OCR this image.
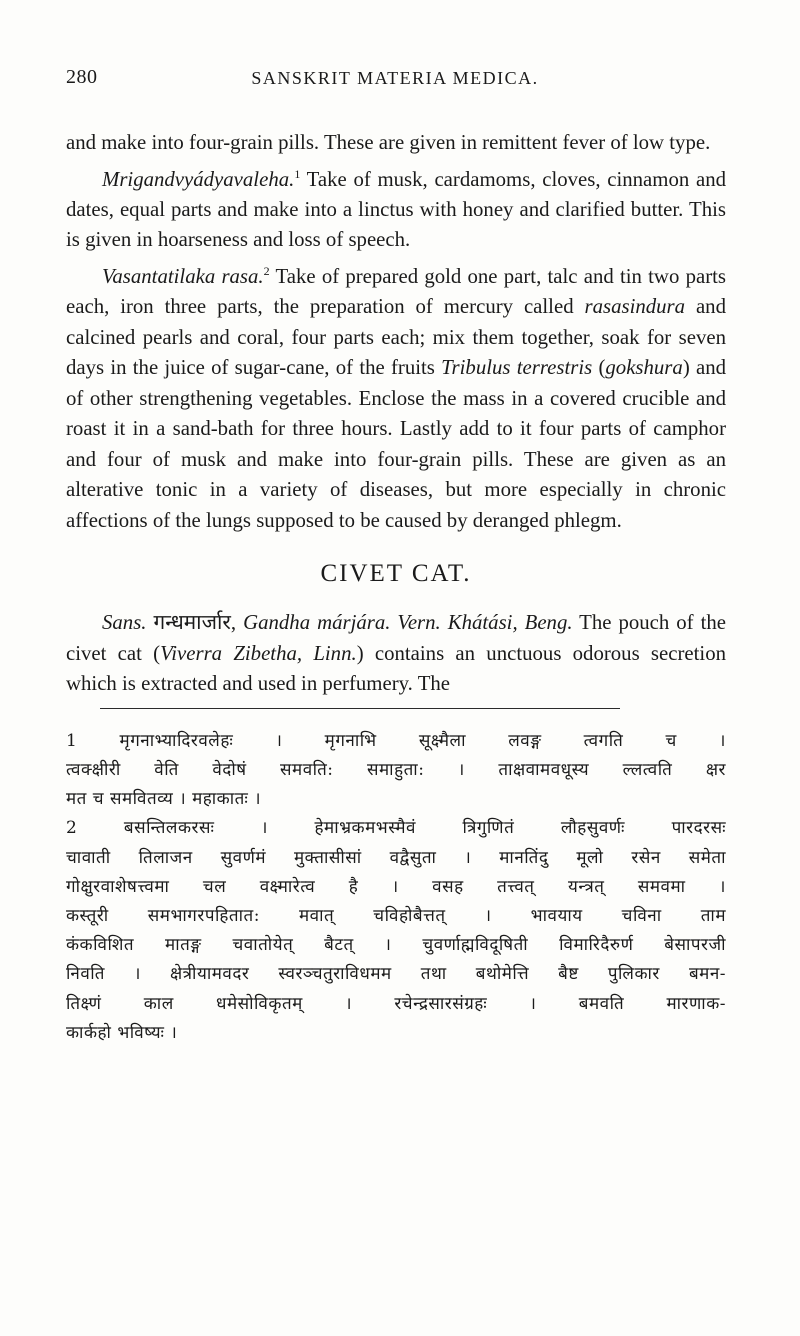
280	SANSKRIT MATERIA MEDICA.

and make into four-grain pills. These are given in remittent fever of low type.

Mrigandvyádyavaleha.$^1$ Take of musk, cardamoms, cloves, cinnamon and dates, equal parts and make into a linctus with honey and clarified butter. This is given in hoarseness and loss of speech.

Vasantatilaka rasa.$^2$ Take of prepared gold one part, talc and tin two parts each, iron three parts, the preparation of mercury called rasasindura and calcined pearls and coral, four parts each; mix them together, soak for seven days in the juice of sugar-cane, of the fruits Tribulus terrestris (gokshura) and of other strengthening vegetables. Enclose the mass in a covered crucible and roast it in a sand-bath for three hours. Lastly add to it four parts of camphor and four of musk and make into four-grain pills. These are given as an alterative tonic in a variety of diseases, but more especially in chronic affections of the lungs supposed to be caused by deranged phlegm.

CIVET CAT.

Sans. गन्धमार्जार, Gandha márjára. Vern. Khátási, Beng. The pouch of the civet cat (Viverra Zibetha, Linn.) contains an unctuous odorous secretion which is extracted and used in perfumery. The

1 मृगनाभ्यादिरवलेहः । मृगनाभि सूक्ष्मैला लवङ्ग त्वगति च ।
त्वक्क्षीरी वेति वेदोषं समवति: समाहुता: । ताक्षवामवधूस्य ल्लत्वति क्षर
मत च समवितव्य । महाकातः ।
2 बसन्तिलकरसः । हेमाभ्रकमभस्मैवं त्रिगुणितं लौहसुवर्णः पारदरसः
चावाती तिलाजन सुवर्णमं मुक्तासीसां वद्वैसुता । मानतिंदु मूलो रसेन समेता
गोक्षुरवाशेषत्त्वमा चल वक्ष्मारेत्व है । वसह तत्त्वत् यन्त्रत् समवमा ।
कस्तूरी समभागरपहितात: मवात् चविहोबैत्तत् । भावयाय चविना ताम
कंकविशित मातङ्ग चवातोयेत् बैटत् । चुवर्णाह्मविदूषिती विमारिदैरुर्ण बेसापरजी
निवति । क्षेत्रीयामवदर स्वरञ्चतुराविधमम तथा बथोमेत्ति बैष्ट पुलिकार बमन-
तिक्ष्णं काल धमेसोविकृतम् । रचेन्द्रसारसंग्रहः । बमवति मारणाक-
कार्कहो भविष्यः ।
